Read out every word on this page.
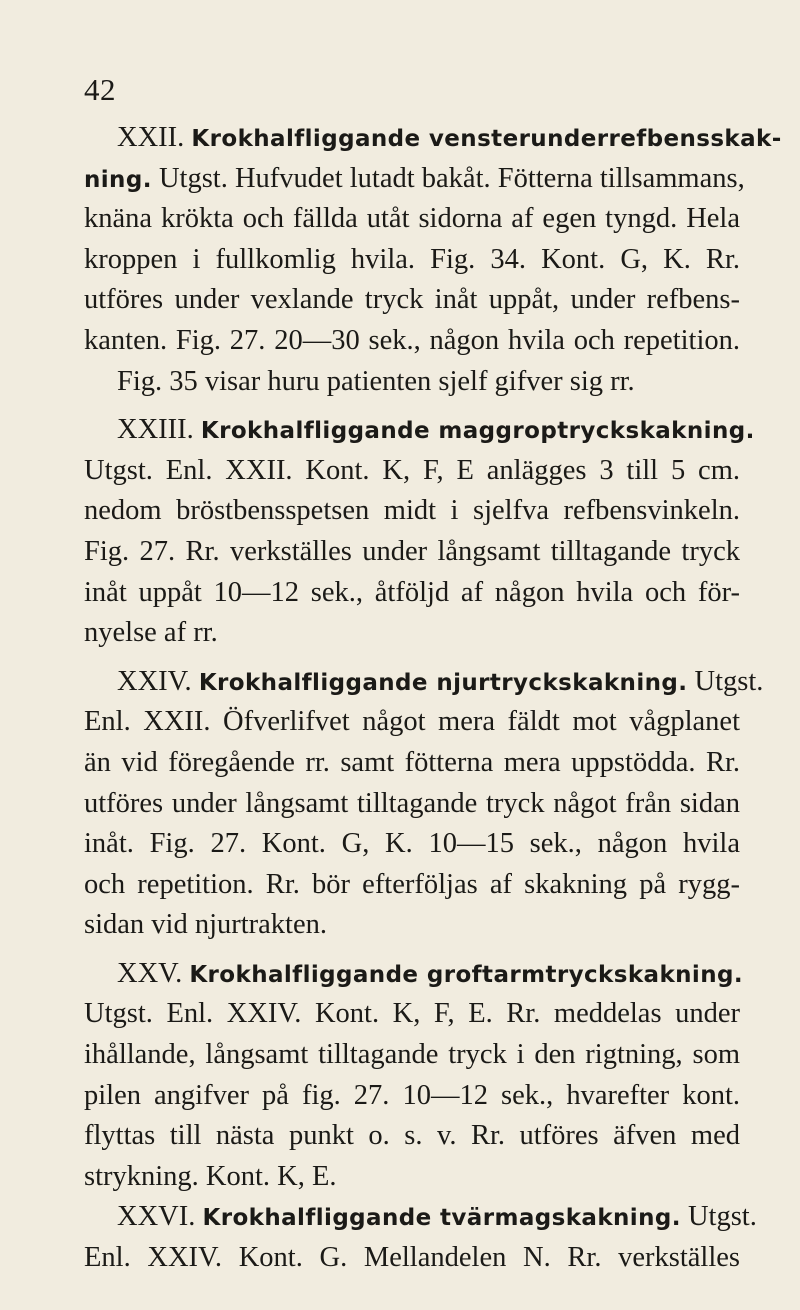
42
XXII. Krokhalfliggande vensterunderrefbensskak-
ning. Utgst. Hufvudet lutadt bakåt. Fötterna tillsammans,
knäna krökta och fällda utåt sidorna af egen tyngd. Hela
kroppen i fullkomlig hvila. Fig. 34. Kont. G, K. Rr.
utföres under vexlande tryck inåt uppåt, under refbens-
kanten. Fig. 27. 20—30 sek., någon hvila och repetition.
Fig. 35 visar huru patienten sjelf gifver sig rr.
XXIII. Krokhalfliggande maggroptryckskakning.
Utgst. Enl. XXII. Kont. K, F, E anlägges 3 till 5 cm.
nedom bröstbensspetsen midt i sjelfva refbensvinkeln.
Fig. 27. Rr. verkställes under långsamt tilltagande tryck
inåt uppåt 10—12 sek., åtföljd af någon hvila och för-
nyelse af rr.
XXIV. Krokhalfliggande njurtryckskakning. Utgst.
Enl. XXII. Öfverlifvet något mera fäldt mot vågplanet
än vid föregående rr. samt fötterna mera uppstödda. Rr.
utföres under långsamt tilltagande tryck något från sidan
inåt. Fig. 27. Kont. G, K. 10—15 sek., någon hvila
och repetition. Rr. bör efterföljas af skakning på rygg-
sidan vid njurtrakten.
XXV. Krokhalfliggande groftarmtryckskakning.
Utgst. Enl. XXIV. Kont. K, F, E. Rr. meddelas under
ihållande, långsamt tilltagande tryck i den rigtning, som
pilen angifver på fig. 27. 10—12 sek., hvarefter kont.
flyttas till nästa punkt o. s. v. Rr. utföres äfven med
strykning. Kont. K, E.
XXVI. Krokhalfliggande tvärmagskakning. Utgst.
Enl. XXIV. Kont. G. Mellandelen N. Rr. verkställes
